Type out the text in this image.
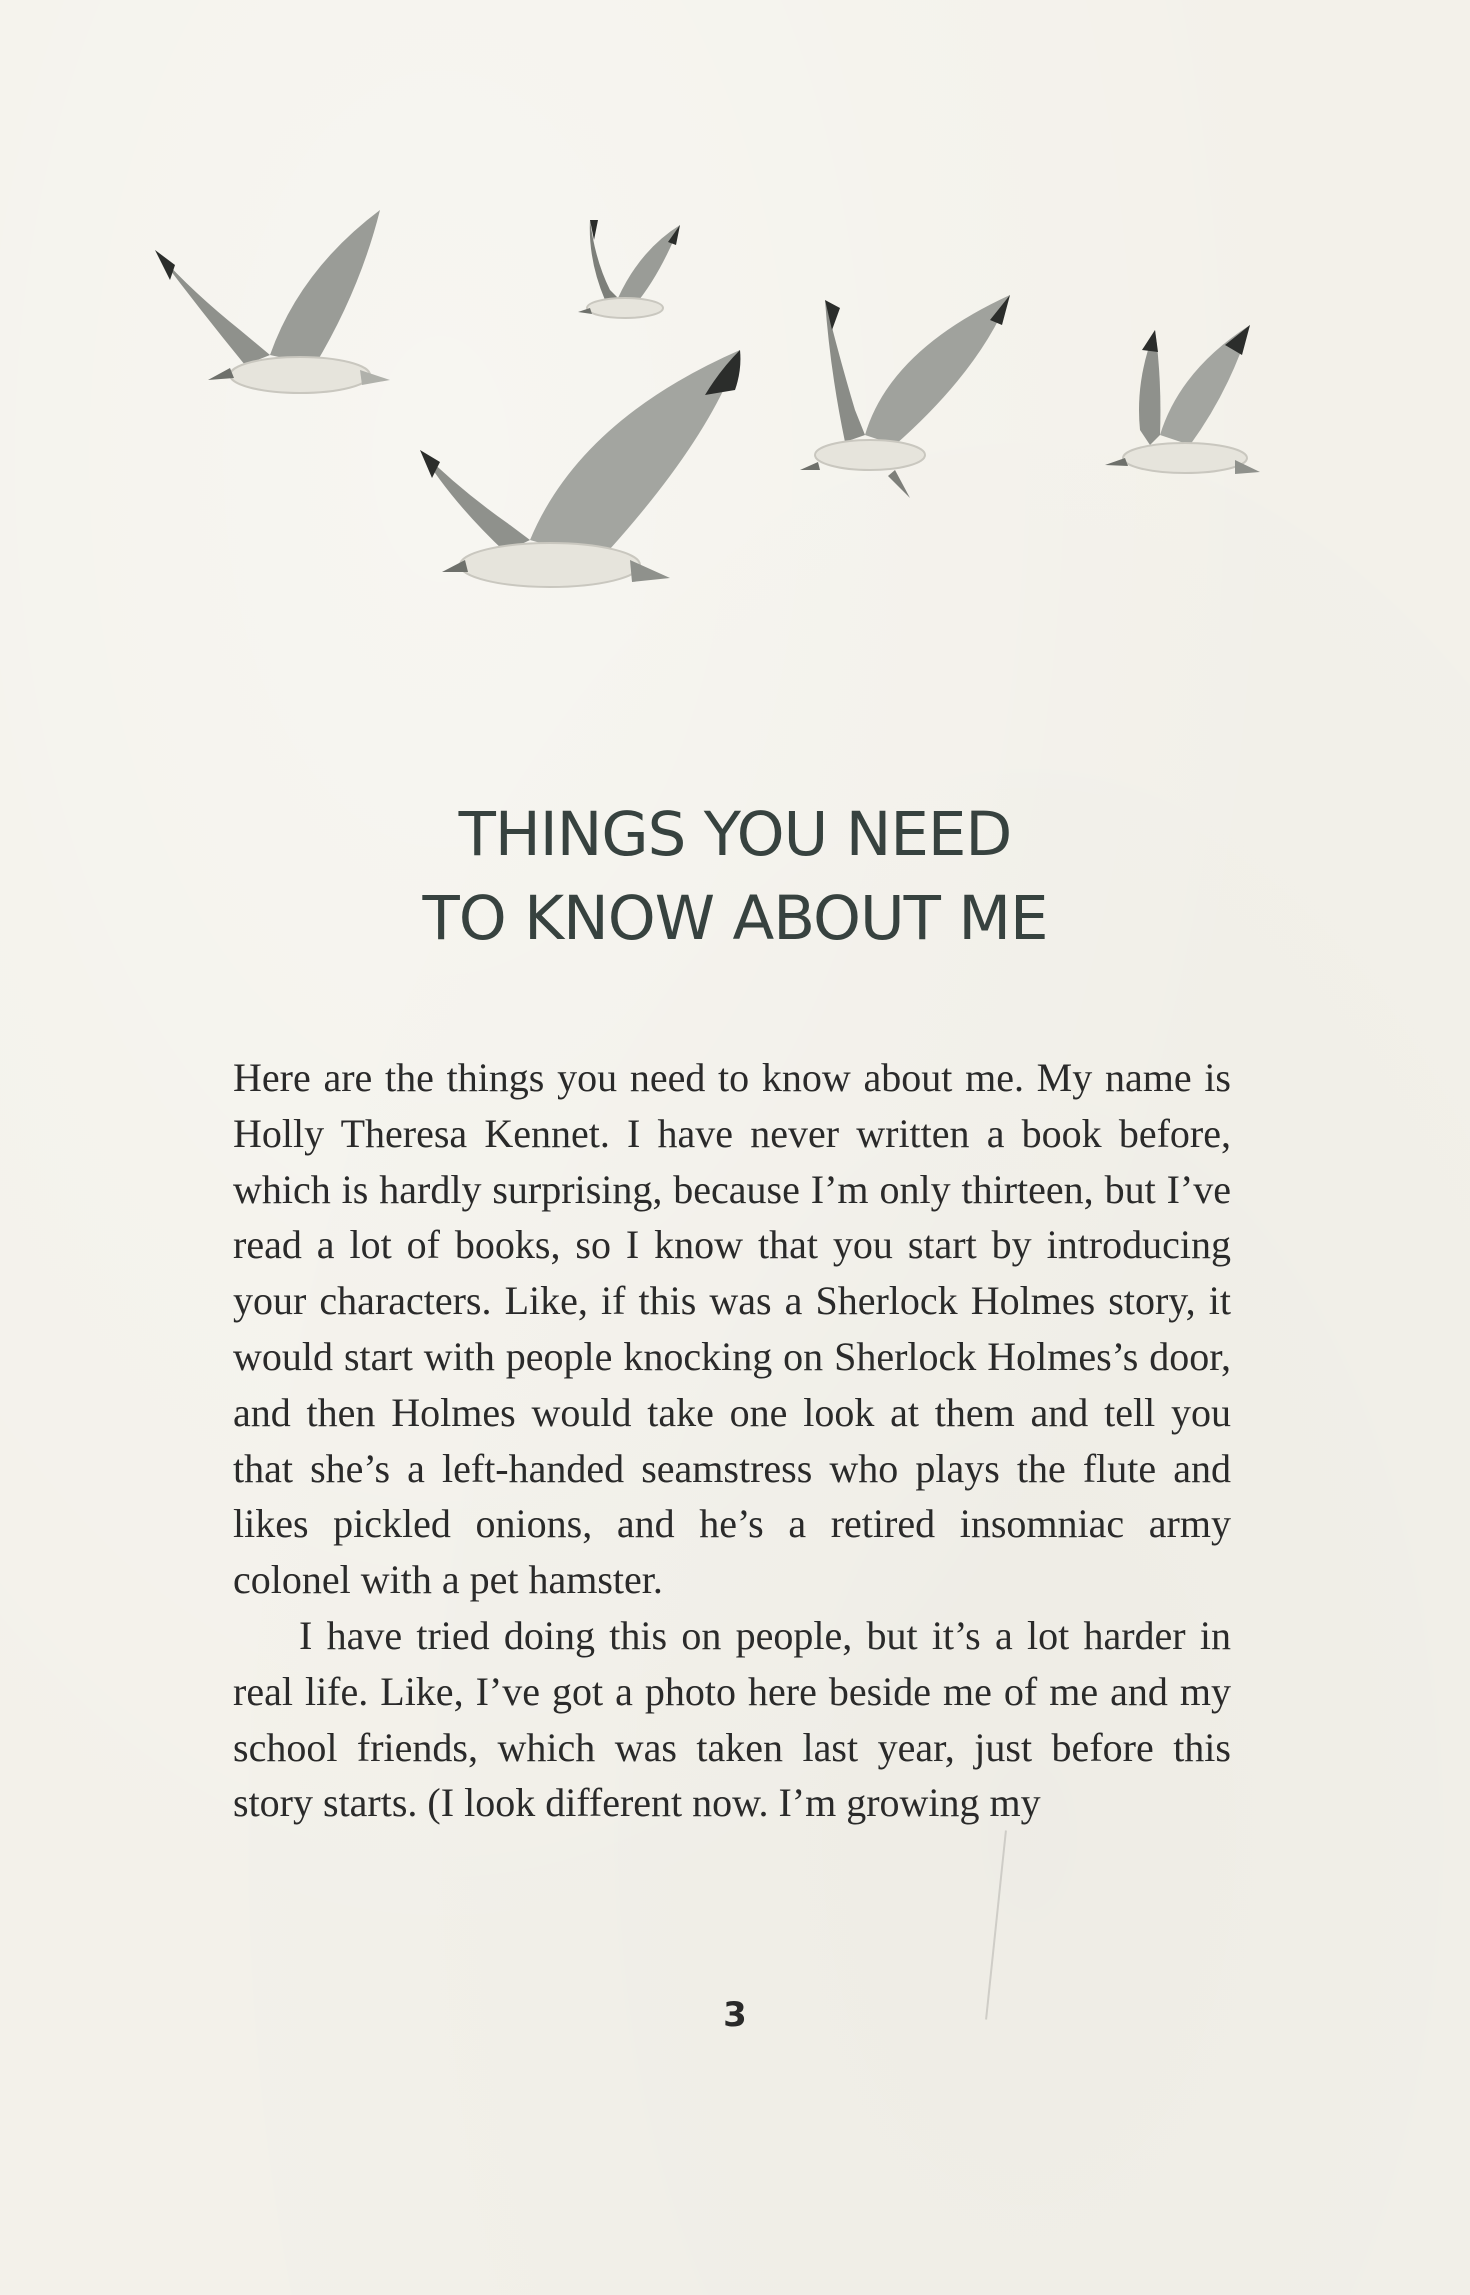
THINGS YOU NEED
TO KNOW ABOUT ME

Here are the things you need to know about me. My name is Holly Theresa Kennet. I have never written a book before, which is hardly surprising, because I’m only thirteen, but I’ve read a lot of books, so I know that you start by introducing your characters. Like, if this was a Sherlock Holmes story, it would start with people knocking on Sherlock Holmes’s door, and then Holmes would take one look at them and tell you that she’s a left-handed seamstress who plays the flute and likes pickled onions, and he’s a retired insomniac army colonel with a pet hamster.

I have tried doing this on people, but it’s a lot harder in real life. Like, I’ve got a photo here beside me of me and my school friends, which was taken last year, just before this story starts. (I look different now. I’m growing my

3
